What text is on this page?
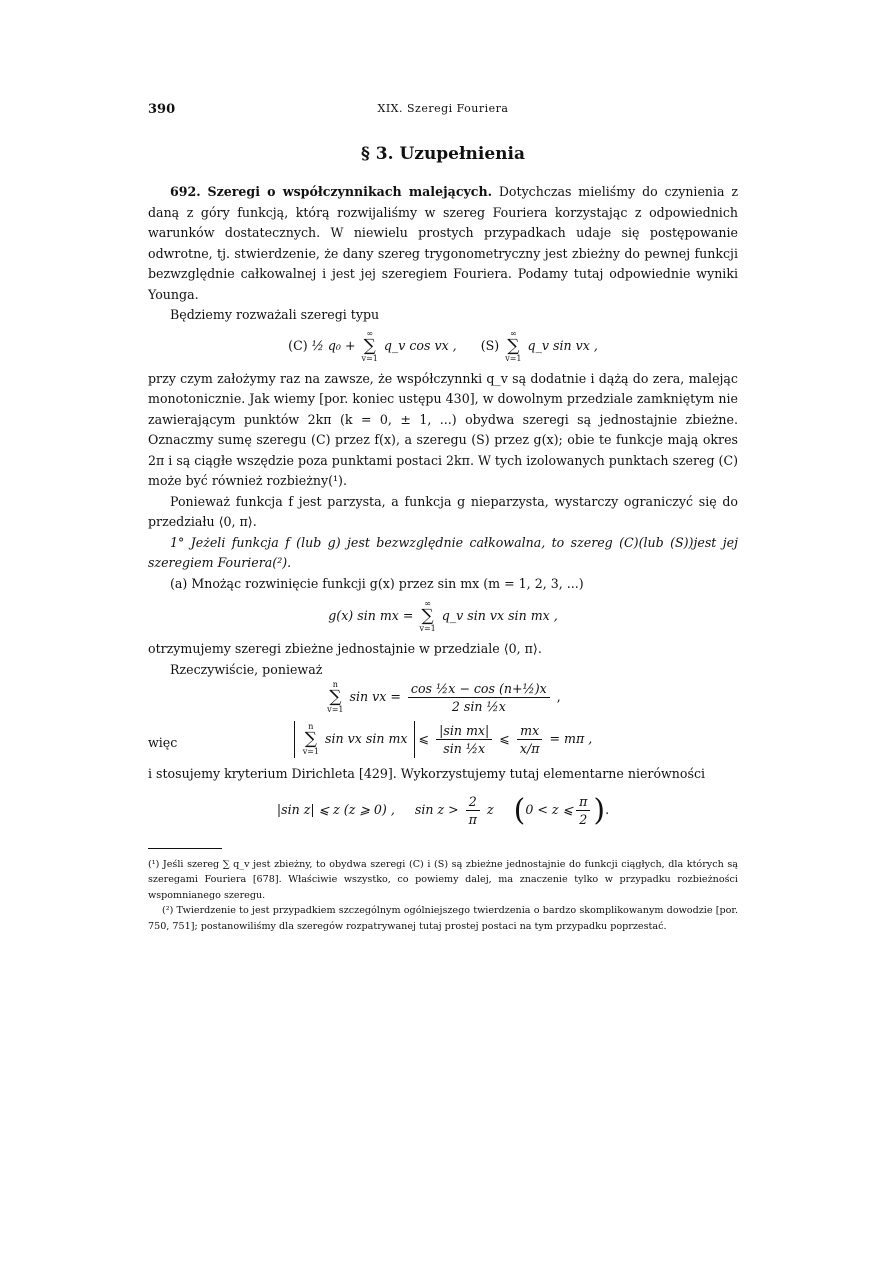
390	XIX. Szeregi Fouriera
§ 3. Uzupełnienia

692. Szeregi o współczynnikach malejących. Dotychczas mieliśmy do czynienia z daną z góry funkcją, którą rozwijaliśmy w szereg Fouriera korzystając z odpowiednich warunków dostatecznych. W niewielu prostych przypadkach udaje się postępowanie odwrotne, tj. stwierdzenie, że dany szereg trygonometryczny jest zbieżny do pewnej funkcji bezwzględnie całkowalnej i jest jej szeregiem Fouriera. Podamy tutaj odpowiednie wyniki Younga.

Będziemy rozważali szeregi typu

(C) ½ q₀ +
∞
∑
v=1
q_v cos vx , (S)
∞
∑
v=1
q_v sin vx ,

przy czym założymy raz na zawsze, że współczynnki q_v są dodatnie i dążą do zera, malejąc monotonicznie. Jak wiemy [por. koniec ustępu 430], w dowolnym przedziale zamkniętym nie zawierającym punktów 2kπ (k = 0, ± 1, ...) obydwa szeregi są jednostajnie zbieżne. Oznaczmy sumę szeregu (C) przez f(x), a szeregu (S) przez g(x); obie te funkcje mają okres 2π i są ciągłe wszędzie poza punktami postaci 2kπ. W tych izolowanych punktach szereg (C) może być również rozbieżny(¹).

Ponieważ funkcja f jest parzysta, a funkcja g nieparzysta, wystarczy ograniczyć się do przedziału ⟨0, π⟩.

1° Jeżeli funkcja f (lub g) jest bezwzględnie całkowalna, to szereg (C)(lub (S))jest jej szeregiem Fouriera(²).

(a) Mnożąc rozwinięcie funkcji g(x) przez sin mx (m = 1, 2, 3, ...)

g(x) sin mx =
∞
∑
v=1
q_v sin vx sin mx ,

otrzymujemy szeregi zbieżne jednostajnie w przedziale ⟨0, π⟩.

Rzeczywiście, ponieważ

n
∑
v=1
sin vx = $\frac{\text{cos ½x − cos (n+½)x}}{\text{2 sin ½x}}$ ,
więc
n
∑
v=1
sin vx sin mx ⩽ $\frac{\text{|sin mx|}}{\text{sin ½x}}$ ⩽ $\frac{mx}{x/\pi} = m\pi$ ,

i stosujemy kryterium Dirichleta [429]. Wykorzystujemy tutaj elementarne nierówności

|sin z| ⩽ z (z ⩾ 0) , $\sin z > \frac{2}{\pi}$ z (0 < z ⩽ $\frac{\pi}{2}$ ).

(¹) Jeśli szereg ∑ q_v jest zbieżny, to obydwa szeregi (C) i (S) są zbieżne jednostajnie do funkcji ciągłych, dla których są szeregami Fouriera [678]. Właściwie wszystko, co powiemy dalej, ma znaczenie tylko w przypadku rozbieżności wspomnianego szeregu.

(²) Twierdzenie to jest przypadkiem szczególnym ogólniejszego twierdzenia o bardzo skomplikowanym dowodzie [por. 750, 751]; postanowiliśmy dla szeregów rozpatrywanej tutaj prostej postaci na tym przypadku poprzestać.
